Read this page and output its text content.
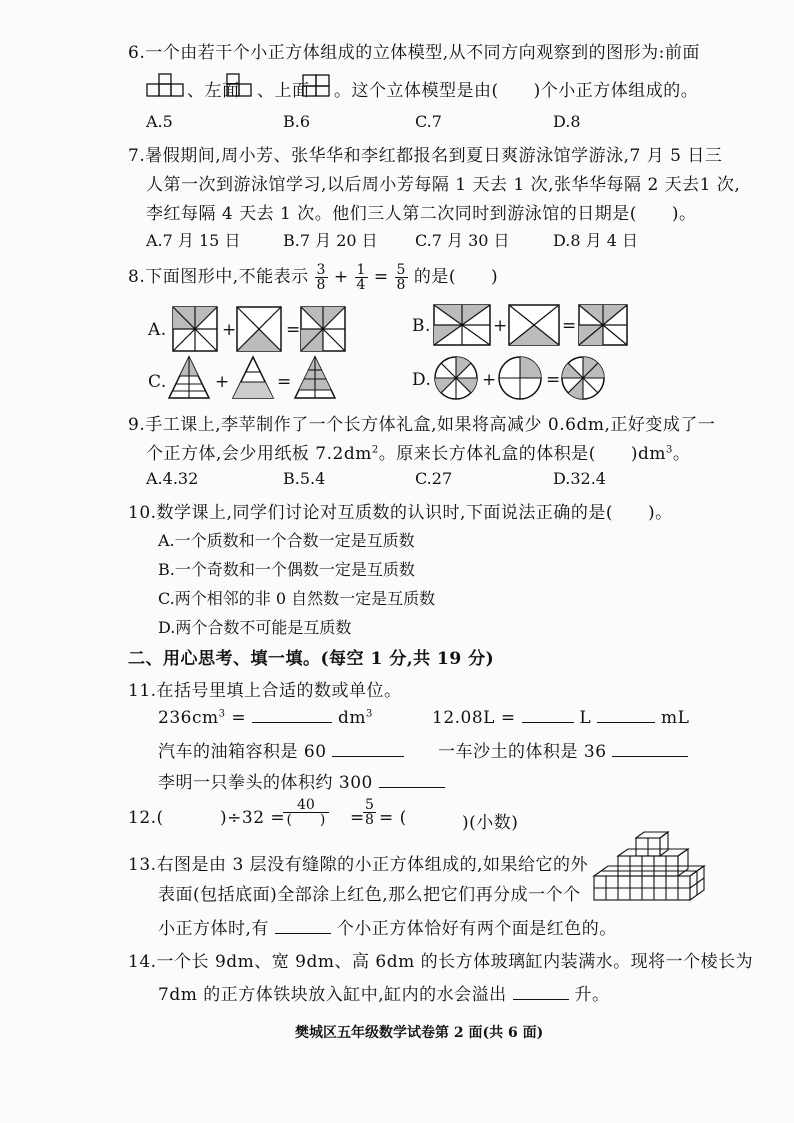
6.一个由若干个小正方体组成的立体模型,从不同方向观察到的图形为:前面
、左面 、上面 。这个立体模型是由(　　)个小正方体组成的。
A.5	B.6	C.7	D.8
7.暑假期间,周小芳、张华华和李红都报名到夏日爽游泳馆学游泳,7 月 5 日三
人第一次到游泳馆学习,以后周小芳每隔 1 天去 1 次,张华华每隔 2 天去1 次,
李红每隔 4 天去 1 次。他们三人第二次同时到游泳馆的日期是(　　)。
A.7 月 15 日	B.7 月 20 日 C.7 月 30 日	D.8 月 4 日
8.下面图形中,不能表示 $\frac{3}{8} + \frac{1}{4} = \frac{5}{8}$ 的是(　　)
A.	+	=	B.	+	=
C.	+	=	D.	+	=
9.手工课上,李苹制作了一个长方体礼盒,如果将高减少 0.6dm,正好变成了一
个正方体,会少用纸板 $7.2dm^2$。原来长方体礼盒的体积是(　　)$dm^3$。
A.4.32	B.5.4	C.27	D.32.4
10.数学课上,同学们讨论对互质数的认识时,下面说法正确的是(　　)。
A.一个质数和一个合数一定是互质数
B.一个奇数和一个偶数一定是互质数
C.两个相邻的非 0 自然数一定是互质数
D.两个合数不可能是互质数
二、用心思考、填一填。(每空 1 分,共 19 分)
11.在括号里填上合适的数或单位。
$236cm^3$ =	$dm^3$	12.08L =	L	mL
汽车的油箱容积是 60	一车沙土的体积是 36
李明一只拳头的体积约 300
12.(	)÷32 =
$\frac{40}{( )}$ =
$\frac{5}{8}$ = (	)(小数)
13.右图是由 3 层没有缝隙的小正方体组成的,如果给它的外
表面(包括底面)全部涂上红色,那么把它们再分成一个个
小正方体时,有	个小正方体恰好有两个面是红色的。
14.一个长 9dm、宽 9dm、高 6dm 的长方体玻璃缸内装满水。现将一个棱长为
7dm 的正方体铁块放入缸中,缸内的水会溢出	升。
樊城区五年级数学试卷第 2 面(共 6 面)
